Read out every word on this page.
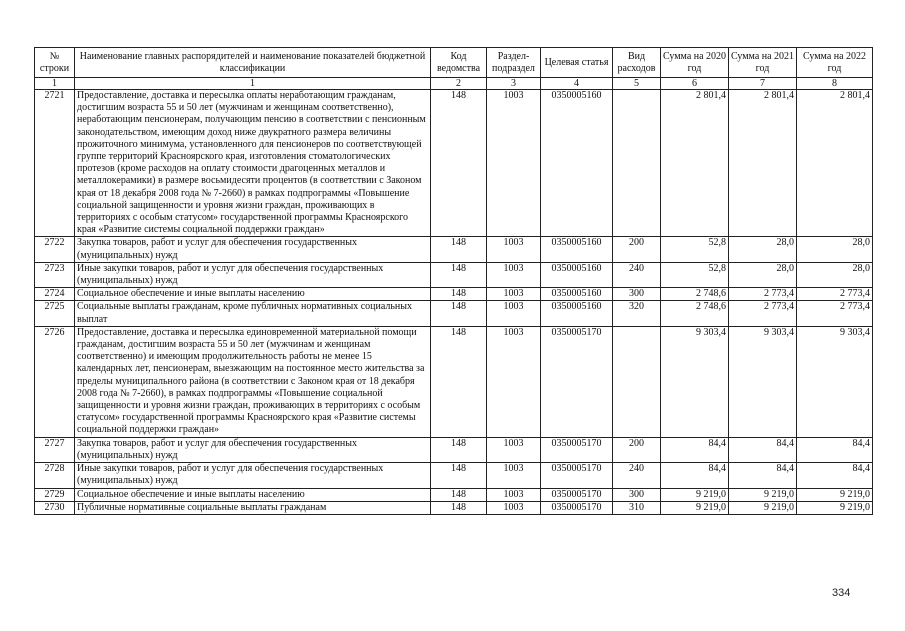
№ строки	Наименование главных распорядителей и наименование показателей бюджетной классификации	Код ведомства	Раздел-подраздел	Целевая статья	Вид расходов	Сумма на 2020 год	Сумма на 2021 год	Сумма на 2022 год
1	1	2	3	4	5	6	7	8
2721	Предоставление, доставка и пересылка оплаты неработающим гражданам, достигшим возраста 55 и 50 лет (мужчинам и женщинам соответственно), неработающим пенсионерам, получающим пенсию в соответствии с пенсионным законодательством, имеющим доход ниже двукратного размера величины прожиточного минимума, установленного для пенсионеров по соответствующей группе территорий Красноярского края, изготовления стоматологических протезов (кроме расходов на оплату стоимости драгоценных металлов и металлокерамики) в размере восьмидесяти процентов (в соответствии с Законом края от 18 декабря 2008 года № 7-2660) в рамках подпрограммы «Повышение социальной защищенности и уровня жизни граждан, проживающих в территориях с особым статусом» государственной программы Красноярского края «Развитие системы социальной поддержки граждан»	148	1003	0350005160		2 801,4	2 801,4	2 801,4
2722	Закупка товаров, работ и услуг для обеспечения государственных (муниципальных) нужд	148	1003	0350005160	200	52,8	28,0	28,0
2723	Иные закупки товаров, работ и услуг для обеспечения государственных (муниципальных) нужд	148	1003	0350005160	240	52,8	28,0	28,0
2724	Социальное обеспечение и иные выплаты населению	148	1003	0350005160	300	2 748,6	2 773,4	2 773,4
2725	Социальные выплаты гражданам, кроме публичных нормативных социальных выплат	148	1003	0350005160	320	2 748,6	2 773,4	2 773,4
2726	Предоставление, доставка и пересылка единовременной материальной помощи гражданам, достигшим возраста 55 и 50 лет (мужчинам и женщинам соответственно) и имеющим продолжительность работы не менее 15 календарных лет, пенсионерам, выезжающим на постоянное место жительства за пределы муниципального района (в соответствии с Законом края от 18 декабря 2008 года № 7-2660), в рамках подпрограммы «Повышение социальной защищенности и уровня жизни граждан, проживающих в территориях с особым статусом» государственной программы Красноярского края «Развитие системы социальной поддержки граждан»	148	1003	0350005170		9 303,4	9 303,4	9 303,4
2727	Закупка товаров, работ и услуг для обеспечения государственных (муниципальных) нужд	148	1003	0350005170	200	84,4	84,4	84,4
2728	Иные закупки товаров, работ и услуг для обеспечения государственных (муниципальных) нужд	148	1003	0350005170	240	84,4	84,4	84,4
2729	Социальное обеспечение и иные выплаты населению	148	1003	0350005170	300	9 219,0	9 219,0	9 219,0
2730	Публичные нормативные социальные выплаты гражданам	148	1003	0350005170	310	9 219,0	9 219,0	9 219,0
334
